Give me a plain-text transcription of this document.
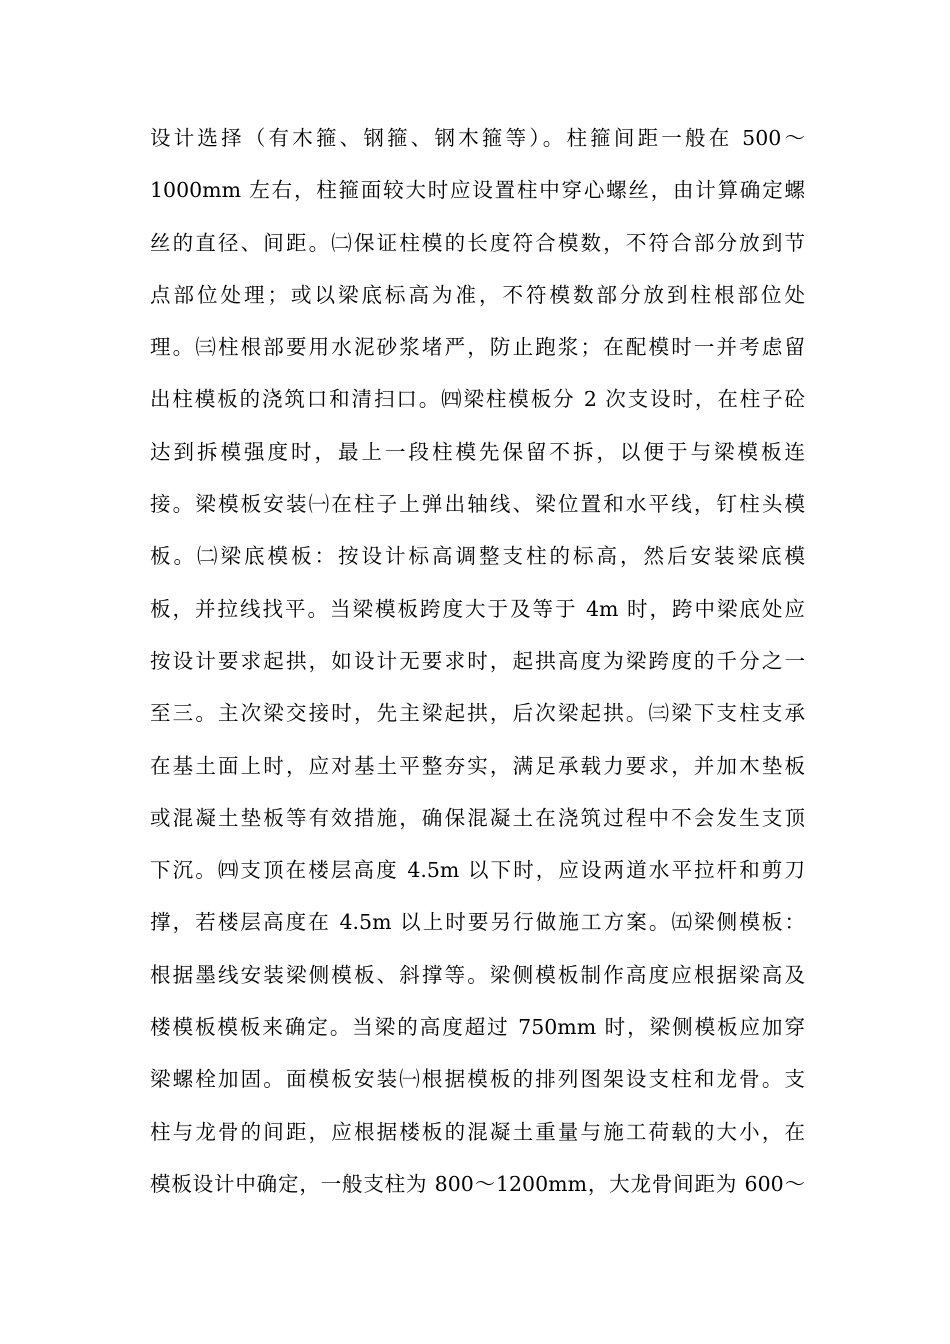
设计选择（有木箍、钢箍、钢木箍等）。柱箍间距一般在 500～
1000mm 左右，柱箍面较大时应设置柱中穿心螺丝，由计算确定螺
丝的直径、间距。㈡保证柱模的长度符合模数，不符合部分放到节
点部位处理；或以梁底标高为准，不符模数部分放到柱根部位处
理。㈢柱根部要用水泥砂浆堵严，防止跑浆；在配模时一并考虑留
出柱模板的浇筑口和清扫口。㈣梁柱模板分 2 次支设时，在柱子砼
达到拆模强度时，最上一段柱模先保留不拆，以便于与梁模板连
接。梁模板安装㈠在柱子上弹出轴线、梁位置和水平线，钉柱头模
板。㈡梁底模板：按设计标高调整支柱的标高，然后安装梁底模
板，并拉线找平。当梁模板跨度大于及等于 4m 时，跨中梁底处应
按设计要求起拱，如设计无要求时，起拱高度为梁跨度的千分之一
至三。主次梁交接时，先主梁起拱，后次梁起拱。㈢梁下支柱支承
在基土面上时，应对基土平整夯实，满足承载力要求，并加木垫板
或混凝土垫板等有效措施，确保混凝土在浇筑过程中不会发生支顶
下沉。㈣支顶在楼层高度 4.5m 以下时，应设两道水平拉杆和剪刀
撑，若楼层高度在 4.5m 以上时要另行做施工方案。㈤梁侧模板：
根据墨线安装梁侧模板、斜撑等。梁侧模板制作高度应根据梁高及
楼模板模板来确定。当梁的高度超过 750mm 时，梁侧模板应加穿
梁螺栓加固。面模板安装㈠根据模板的排列图架设支柱和龙骨。支
柱与龙骨的间距，应根据楼板的混凝土重量与施工荷载的大小，在
模板设计中确定，一般支柱为 800～1200mm，大龙骨间距为 600～
